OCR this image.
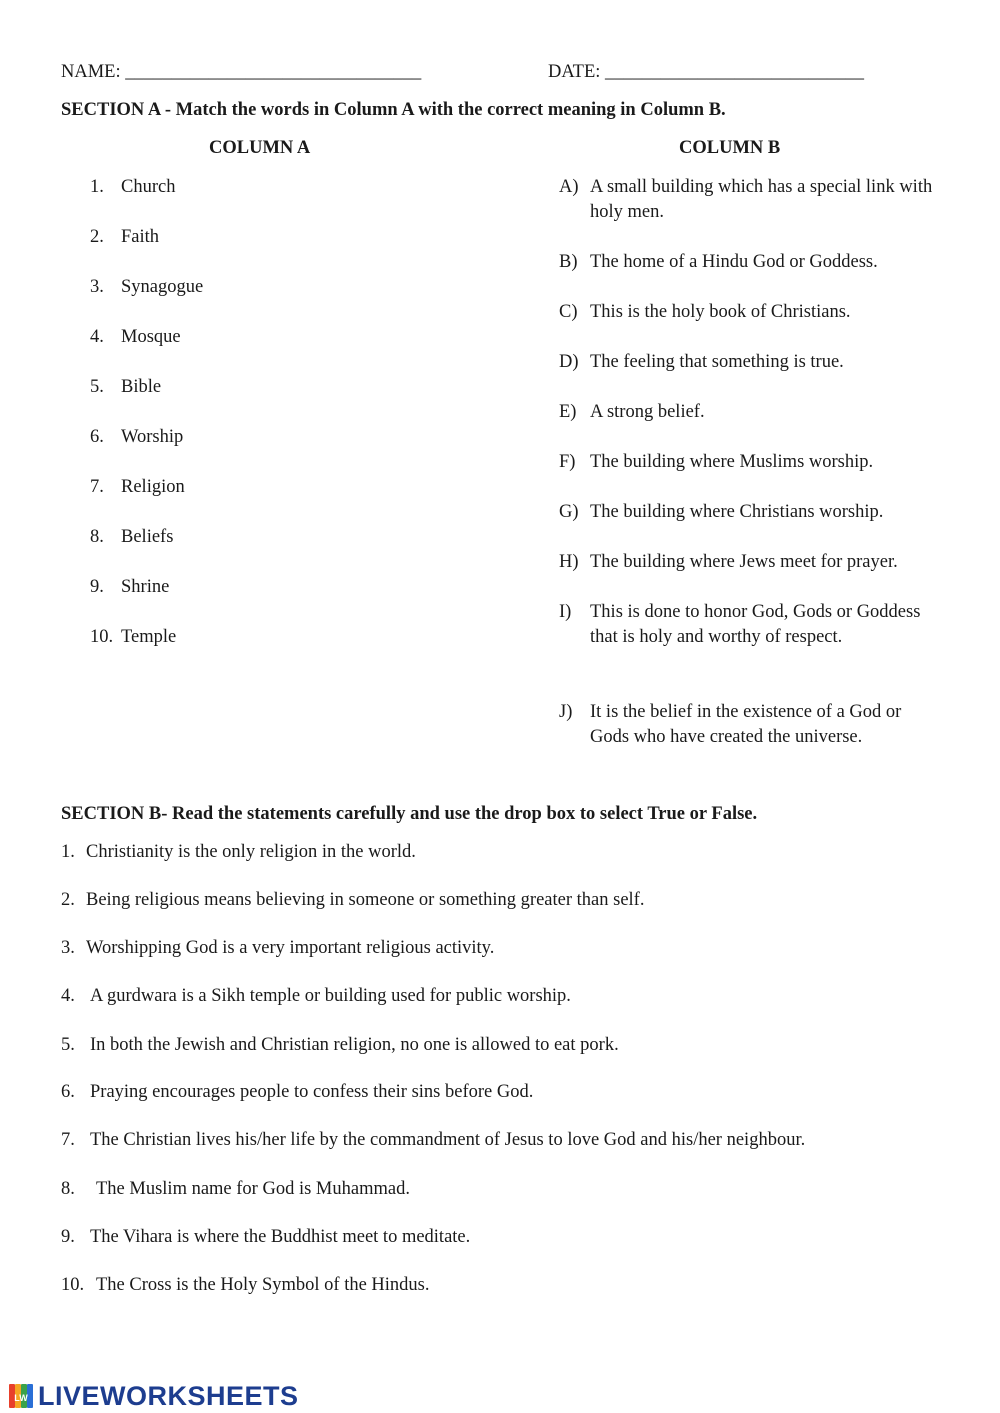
NAME: ________________________________	DATE: ____________________________
SECTION A - Match the words in Column A with the correct meaning in Column B.
COLUMN A	COLUMN B
1. Church
2. Faith
3. Synagogue
4. Mosque
5. Bible
6. Worship
7. Religion
8. Beliefs
9. Shrine
10. Temple
A) A small building which has a special link with holy men.
B) The home of a Hindu God or Goddess.
C) This is the holy book of Christians.
D) The feeling that something is true.
E) A strong belief.
F) The building where Muslims worship.
G) The building where Christians worship.
H) The building where Jews meet for prayer.
I) This is done to honor God, Gods or Goddess that is holy and worthy of respect.
J) It is the belief in the existence of a God or Gods who have created the universe.
SECTION B- Read the statements carefully and use the drop box to select True or False.
1. Christianity is the only religion in the world.
2. Being religious means believing in someone or something greater than self.
3. Worshipping God is a very important religious activity.
4. A gurdwara is a Sikh temple or building used for public worship.
5. In both the Jewish and Christian religion, no one is allowed to eat pork.
6. Praying encourages people to confess their sins before God.
7. The Christian lives his/her life by the commandment of Jesus to love God and his/her neighbour.
8. The Muslim name for God is Muhammad.
9. The Vihara is where the Buddhist meet to meditate.
10. The Cross is the Holy Symbol of the Hindus.
LW LIVEWORKSHEETS
